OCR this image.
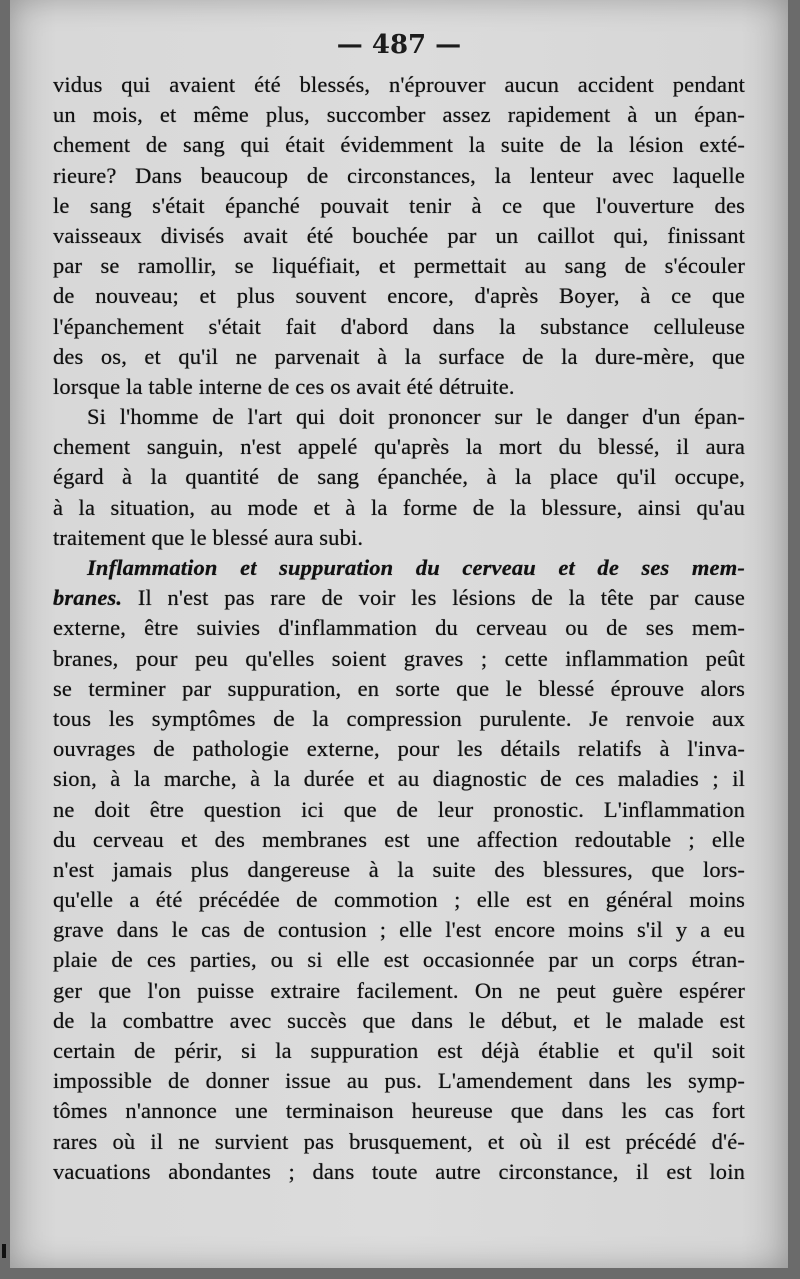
— 487 —
vidus qui avaient été blessés, n'éprouver aucun accident pendant
un mois, et même plus, succomber assez rapidement à un épan-
chement de sang qui était évidemment la suite de la lésion exté-
rieure? Dans beaucoup de circonstances, la lenteur avec laquelle
le sang s'était épanché pouvait tenir à ce que l'ouverture des
vaisseaux divisés avait été bouchée par un caillot qui, finissant
par se ramollir, se liquéfiait, et permettait au sang de s'écouler
de nouveau; et plus souvent encore, d'après Boyer, à ce que
l'épanchement s'était fait d'abord dans la substance celluleuse
des os, et qu'il ne parvenait à la surface de la dure-mère, que
lorsque la table interne de ces os avait été détruite.
Si l'homme de l'art qui doit prononcer sur le danger d'un épan-
chement sanguin, n'est appelé qu'après la mort du blessé, il aura
égard à la quantité de sang épanchée, à la place qu'il occupe,
à la situation, au mode et à la forme de la blessure, ainsi qu'au
traitement que le blessé aura subi.
Inflammation et suppuration du cerveau et de ses mem-
branes. Il n'est pas rare de voir les lésions de la tête par cause
externe, être suivies d'inflammation du cerveau ou de ses mem-
branes, pour peu qu'elles soient graves ; cette inflammation peût
se terminer par suppuration, en sorte que le blessé éprouve alors
tous les symptômes de la compression purulente. Je renvoie aux
ouvrages de pathologie externe, pour les détails relatifs à l'inva-
sion, à la marche, à la durée et au diagnostic de ces maladies ; il
ne doit être question ici que de leur pronostic. L'inflammation
du cerveau et des membranes est une affection redoutable ; elle
n'est jamais plus dangereuse à la suite des blessures, que lors-
qu'elle a été précédée de commotion ; elle est en général moins
grave dans le cas de contusion ; elle l'est encore moins s'il y a eu
plaie de ces parties, ou si elle est occasionnée par un corps étran-
ger que l'on puisse extraire facilement. On ne peut guère espérer
de la combattre avec succès que dans le début, et le malade est
certain de périr, si la suppuration est déjà établie et qu'il soit
impossible de donner issue au pus. L'amendement dans les symp-
tômes n'annonce une terminaison heureuse que dans les cas fort
rares où il ne survient pas brusquement, et où il est précédé d'é-
vacuations abondantes ; dans toute autre circonstance, il est loin
